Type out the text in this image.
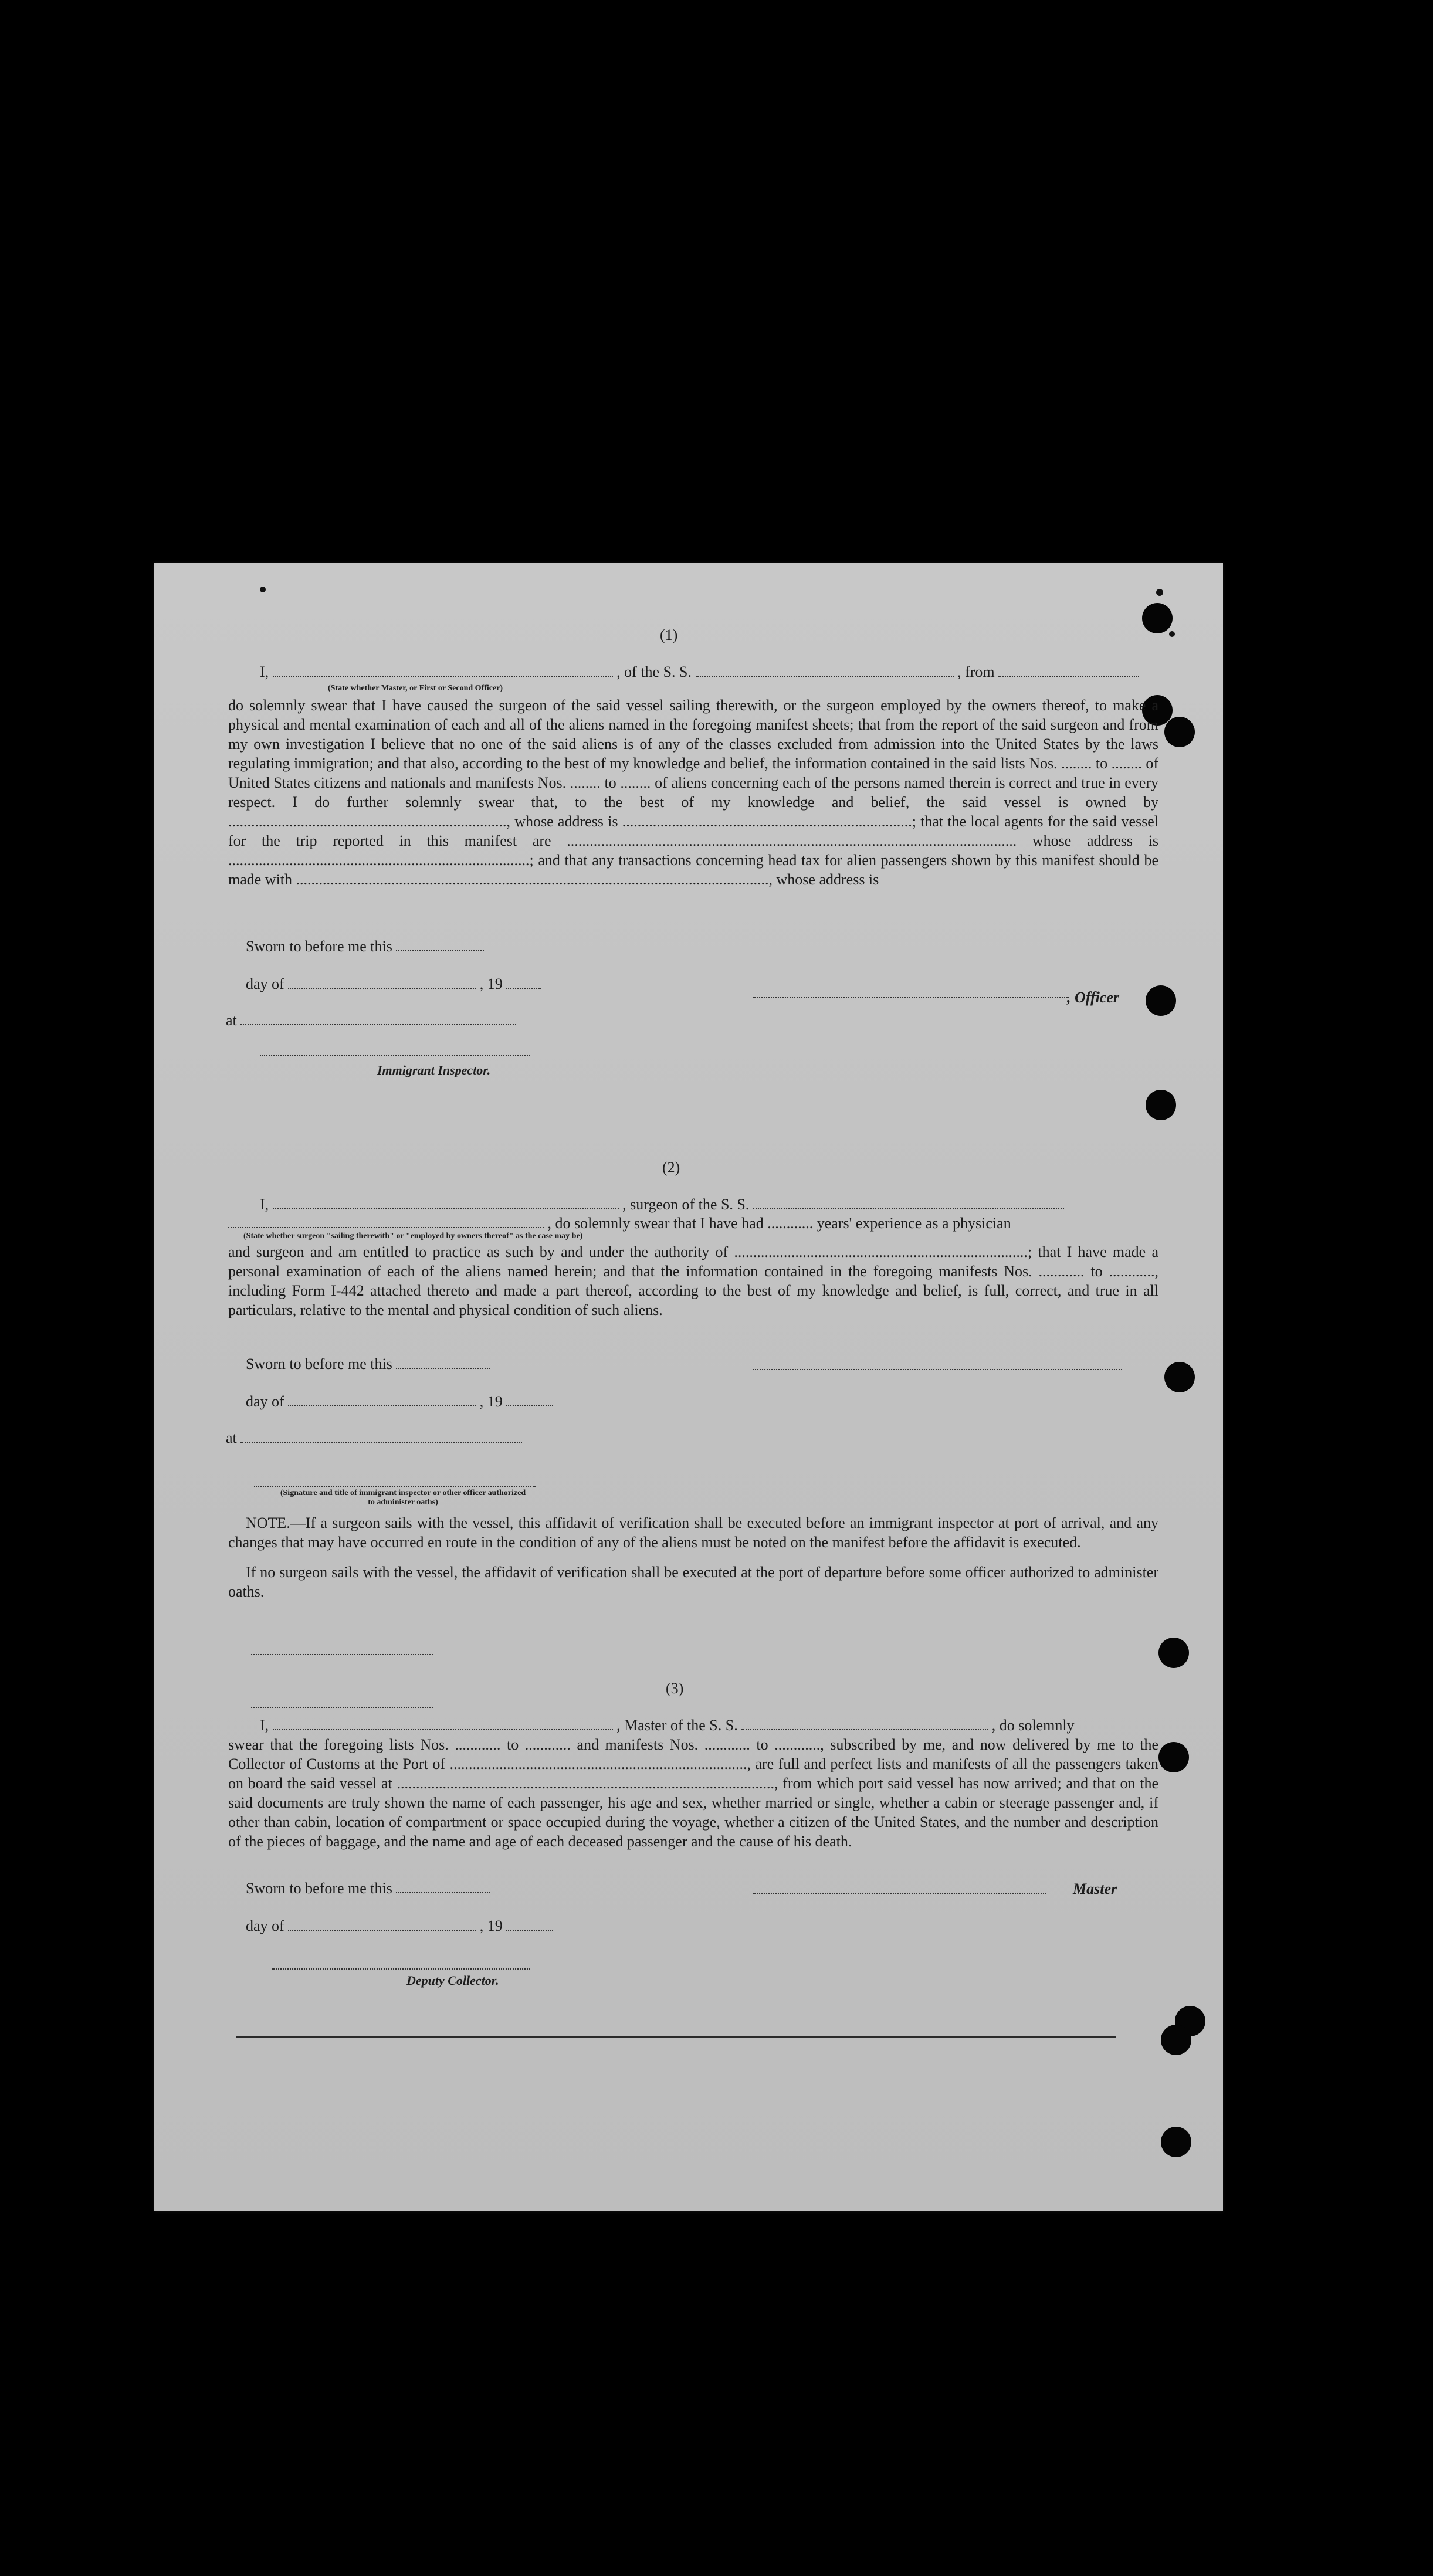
(1)
I,	, of the S. S.	, from
(State whether Master, or First or Second Officer)
do solemnly swear that I have caused the surgeon of the said vessel sailing therewith, or the surgeon employed by the owners thereof, to make a physical and mental examination of each and all of the aliens named in the foregoing manifest sheets; that from the report of the said surgeon and from my own investigation I believe that no one of the said aliens is of any of the classes excluded from admission into the United States by the laws regulating immigration; and that also, according to the best of my knowledge and belief, the information contained in the said lists Nos. ........ to ........ of United States citizens and nationals and manifests Nos. ........ to ........ of aliens concerning each of the persons named therein is correct and true in every respect. I do further solemnly swear that, to the best of my knowledge and belief, the said vessel is owned by ........................................................................., whose address is ............................................................................; that the local agents for the said vessel for the trip reported in this manifest are ...................................................................................................................... whose address is ...............................................................................; and that any transactions concerning head tax for alien passengers shown by this manifest should be made with ............................................................................................................................, whose address is
Sworn to before me this
day of	, 19
at
Immigrant Inspector.
, Officer
(2)
I,	, surgeon of the S. S.
, do solemnly swear that I have had ............ years' experience as a physician
(State whether surgeon "sailing therewith" or "employed by owners thereof" as the case may be)
and surgeon and am entitled to practice as such by and under the authority of .............................................................................; that I have made a personal examination of each of the aliens named herein; and that the information contained in the foregoing manifests Nos. ............ to ............, including Form I-442 attached thereto and made a part thereof, according to the best of my knowledge and belief, is full, correct, and true in all particulars, relative to the mental and physical condition of such aliens.
Sworn to before me this
day of	, 19
at
(Signature and title of immigrant inspector or other officer authorized to administer oaths)
NOTE.—If a surgeon sails with the vessel, this affidavit of verification shall be executed before an immigrant inspector at port of arrival, and any changes that may have occurred en route in the condition of any of the aliens must be noted on the manifest before the affidavit is executed.
If no surgeon sails with the vessel, the affidavit of verification shall be executed at the port of departure before some officer authorized to administer oaths.
(3)
I,	, Master of the S. S.	, do solemnly
swear that the foregoing lists Nos. ............ to ............ and manifests Nos. ............ to ............, subscribed by me, and now delivered by me to the Collector of Customs at the Port of .............................................................................., are full and perfect lists and manifests of all the passengers taken on board the said vessel at ..................................................................................................., from which port said vessel has now arrived; and that on the said documents are truly shown the name of each passenger, his age and sex, whether married or single, whether a cabin or steerage passenger and, if other than cabin, location of compartment or space occupied during the voyage, whether a citizen of the United States, and the number and description of the pieces of baggage, and the name and age of each deceased passenger and the cause of his death.
Sworn to before me this	Master
day of	, 19
Deputy Collector.
